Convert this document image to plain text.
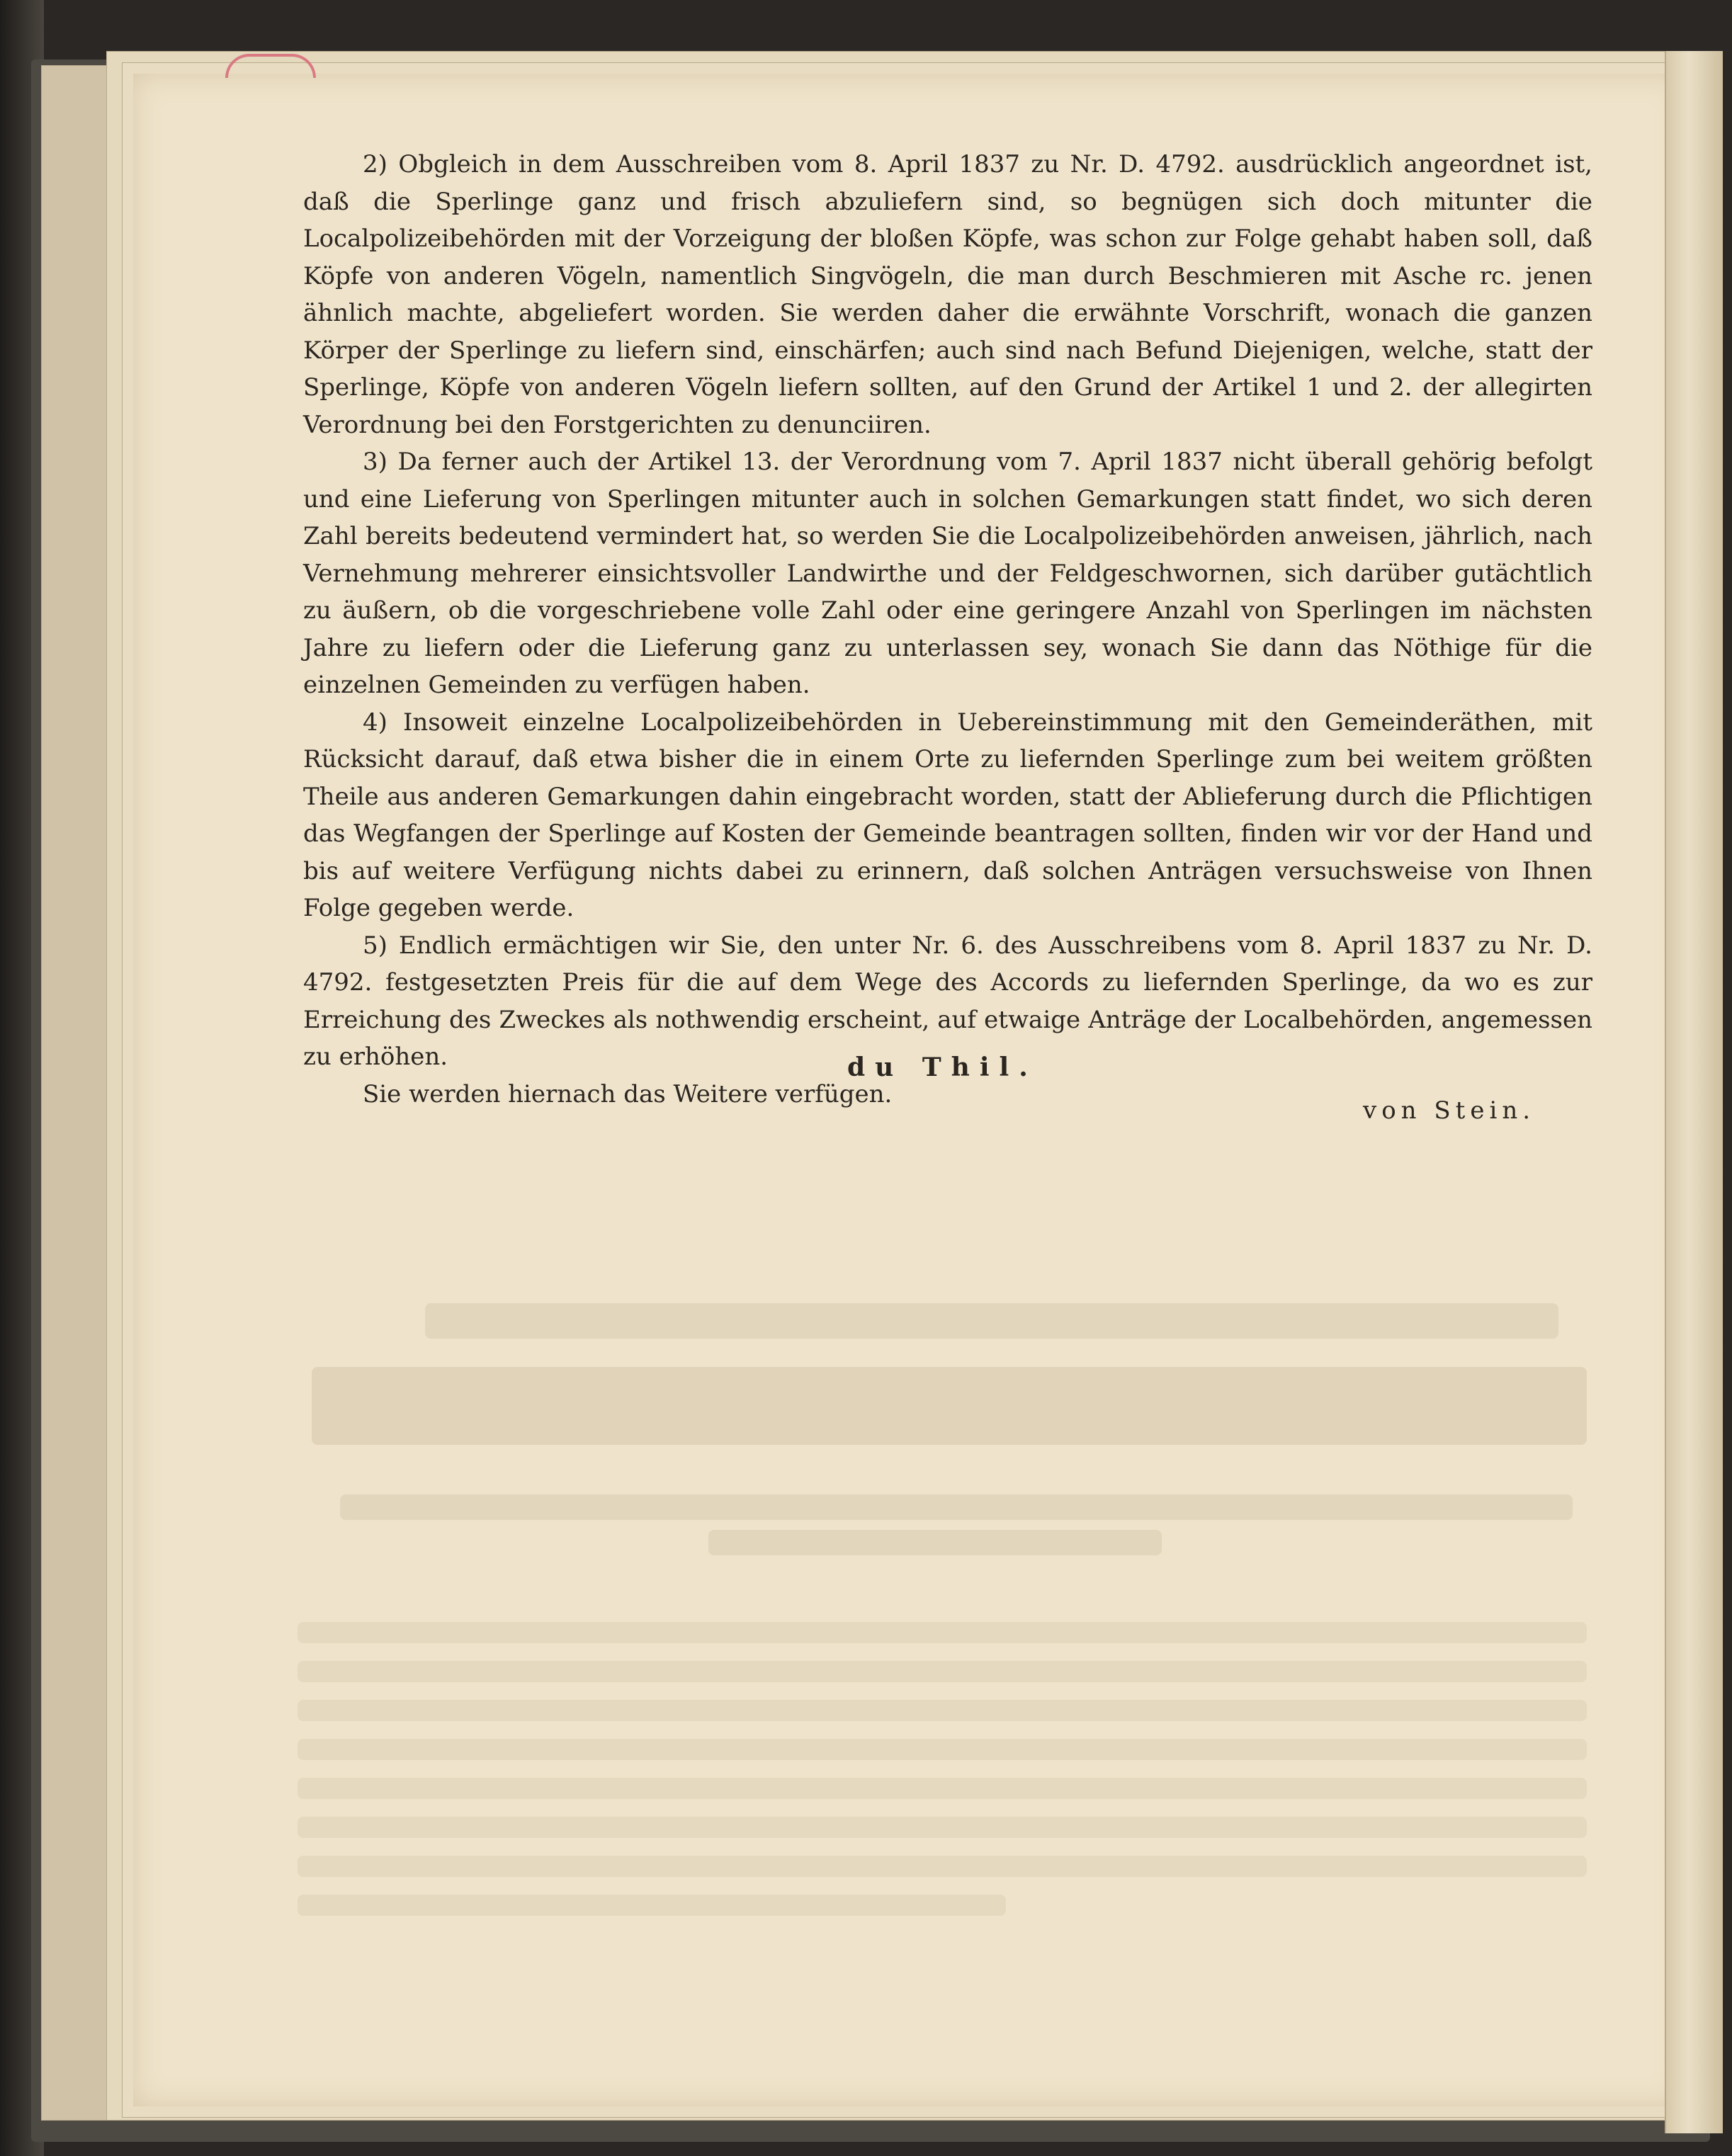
2) Obgleich in dem Ausschreiben vom 8. April 1837 zu Nr. D. 4792. ausdrücklich angeordnet ist, daß die Sperlinge ganz und frisch abzuliefern sind, so begnügen sich doch mitunter die Localpolizeibehörden mit der Vorzeigung der bloßen Köpfe, was schon zur Folge gehabt haben soll, daß Köpfe von anderen Vögeln, namentlich Singvögeln, die man durch Beschmieren mit Asche rc. jenen ähnlich machte, abgeliefert worden. Sie werden daher die erwähnte Vorschrift, wonach die ganzen Körper der Sperlinge zu liefern sind, einschärfen; auch sind nach Befund Diejenigen, welche, statt der Sperlinge, Köpfe von anderen Vögeln liefern sollten, auf den Grund der Artikel 1 und 2. der allegirten Verordnung bei den Forstgerichten zu denunciiren.

3) Da ferner auch der Artikel 13. der Verordnung vom 7. April 1837 nicht überall gehörig befolgt und eine Lieferung von Sperlingen mitunter auch in solchen Gemarkungen statt findet, wo sich deren Zahl bereits bedeutend vermindert hat, so werden Sie die Localpolizeibehörden anweisen, jährlich, nach Vernehmung mehrerer einsichtsvoller Landwirthe und der Feldgeschwornen, sich darüber gutächtlich zu äußern, ob die vorgeschriebene volle Zahl oder eine geringere Anzahl von Sperlingen im nächsten Jahre zu liefern oder die Lieferung ganz zu unterlassen sey, wonach Sie dann das Nöthige für die einzelnen Gemeinden zu verfügen haben.

4) Insoweit einzelne Localpolizeibehörden in Uebereinstimmung mit den Gemeinderäthen, mit Rücksicht darauf, daß etwa bisher die in einem Orte zu liefernden Sperlinge zum bei weitem größten Theile aus anderen Gemarkungen dahin eingebracht worden, statt der Ablieferung durch die Pflichtigen das Wegfangen der Sperlinge auf Kosten der Gemeinde beantragen sollten, finden wir vor der Hand und bis auf weitere Verfügung nichts dabei zu erinnern, daß solchen Anträgen versuchsweise von Ihnen Folge gegeben werde.

5) Endlich ermächtigen wir Sie, den unter Nr. 6. des Ausschreibens vom 8. April 1837 zu Nr. D. 4792. festgesetzten Preis für die auf dem Wege des Accords zu liefernden Sperlinge, da wo es zur Erreichung des Zweckes als nothwendig erscheint, auf etwaige Anträge der Localbehörden, angemessen zu erhöhen.

Sie werden hiernach das Weitere verfügen.

du Thil.
von Stein.
